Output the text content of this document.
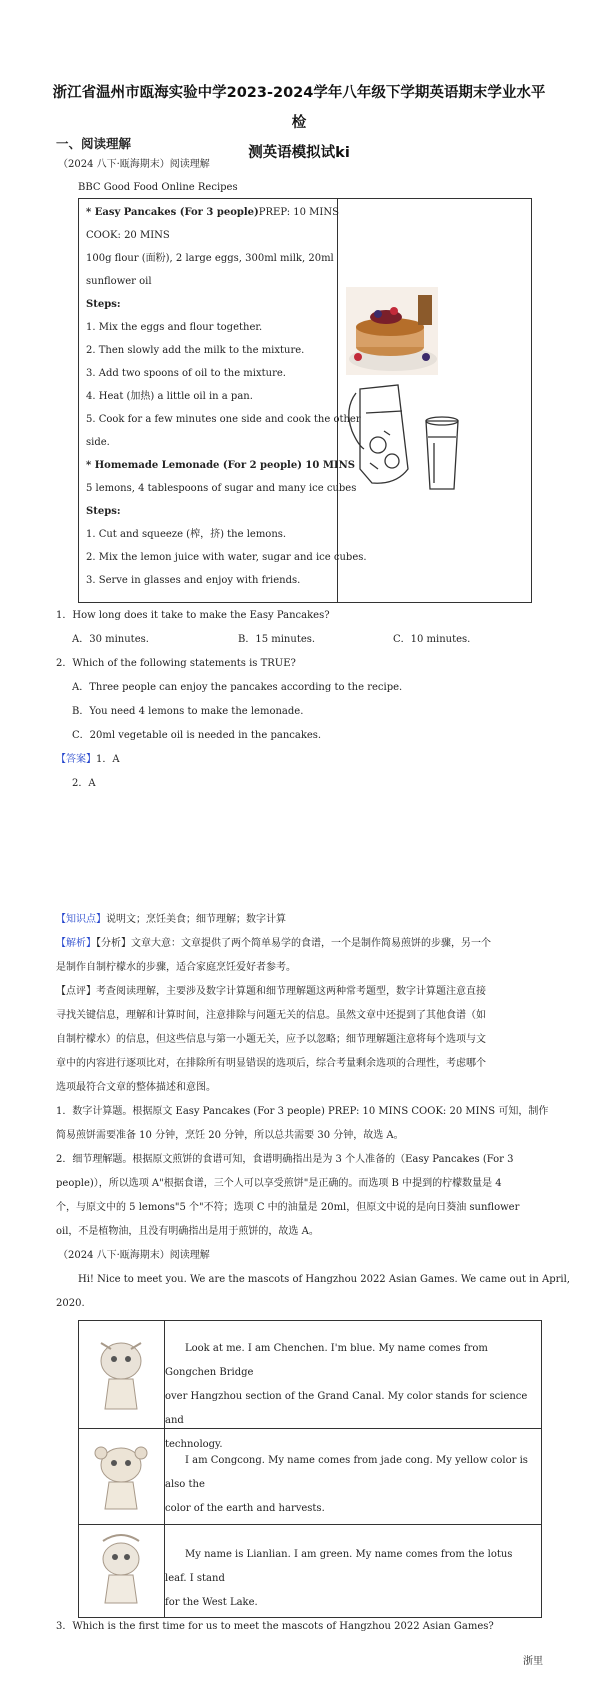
浙江省温州市瓯海实验中学2023-2024学年八年级下学期英语期末学业水平检
测英语模拟试ki
一、阅读理解
（2024 八下·瓯海期末）阅读理解
BBC Good Food Online Recipes
* Easy Pancakes (For 3 people)PREP: 10 MINS
COOK: 20 MINS
100g flour (面粉), 2 large eggs, 300ml milk, 20ml
sunflower oil
Steps:
1. Mix the eggs and flour together.
2. Then slowly add the milk to the mixture.
3. Add two spoons of oil to the mixture.
4. Heat (加热) a little oil in a pan.
5. Cook for a few minutes one side and cook the other
side.
* Homemade Lemonade (For 2 people) 10 MINS
5 lemons, 4 tablespoons of sugar and many ice cubes
Steps:
1. Cut and squeeze (榨，挤) the lemons.
2. Mix the lemon juice with water, sugar and ice cubes.
3. Serve in glasses and enjoy with friends.
1．How long does it take to make the Easy Pancakes?
A．30 minutes.	B．15 minutes.	C．10 minutes.
2．Which of the following statements is TRUE?
A．Three people can enjoy the pancakes according to the recipe.
B．You need 4 lemons to make the lemonade.
C．20ml vegetable oil is needed in the pancakes.
【答案】1．A
2．A
【知识点】说明文；烹饪美食；细节理解；数字计算
【解析】【分析】文章大意：文章提供了两个简单易学的食谱，一个是制作简易煎饼的步骤，另一个
是制作自制柠檬水的步骤，适合家庭烹饪爱好者参考。
【点评】考查阅读理解，主要涉及数字计算题和细节理解题这两种常考题型，数字计算题注意直接
寻找关键信息，理解和计算时间，注意排除与问题无关的信息。虽然文章中还提到了其他食谱（如
自制柠檬水）的信息，但这些信息与第一小题无关，应予以忽略；细节理解题注意将每个选项与文
章中的内容进行逐项比对，在排除所有明显错误的选项后，综合考量剩余选项的合理性，考虑哪个
选项最符合文章的整体描述和意图。
1．数字计算题。根据原文 Easy Pancakes (For 3 people) PREP: 10 MINS COOK: 20 MINS 可知，制作
简易煎饼需要准备 10 分钟，烹饪 20 分钟，所以总共需要 30 分钟，故选 A。
2．细节理解题。根据原文煎饼的食谱可知，食谱明确指出是为 3 个人准备的（Easy Pancakes (For 3
people)），所以选项 A"根据食谱，三个人可以享受煎饼"是正确的。而选项 B 中提到的柠檬数量是 4
个，与原文中的 5 lemons"5 个"不符；选项 C 中的油量是 20ml，但原文中说的是向日葵油 sunflower
oil，不是植物油，且没有明确指出是用于煎饼的，故选 A。
（2024 八下·瓯海期末）阅读理解
Hi! Nice to meet you. We are the mascots of Hangzhou 2022 Asian Games. We came out in April,
2020.
Look at me. I am Chenchen. I'm blue. My name comes from Gongchen Bridge
over Hangzhou section of the Grand Canal. My color stands for science and
technology.
I am Congcong. My name comes from jade cong. My yellow color is also the
color of the earth and harvests.
My name is Lianlian. I am green. My name comes from the lotus leaf. I stand
for the West Lake.
3．Which is the first time for us to meet the mascots of Hangzhou 2022 Asian Games?
浙里
